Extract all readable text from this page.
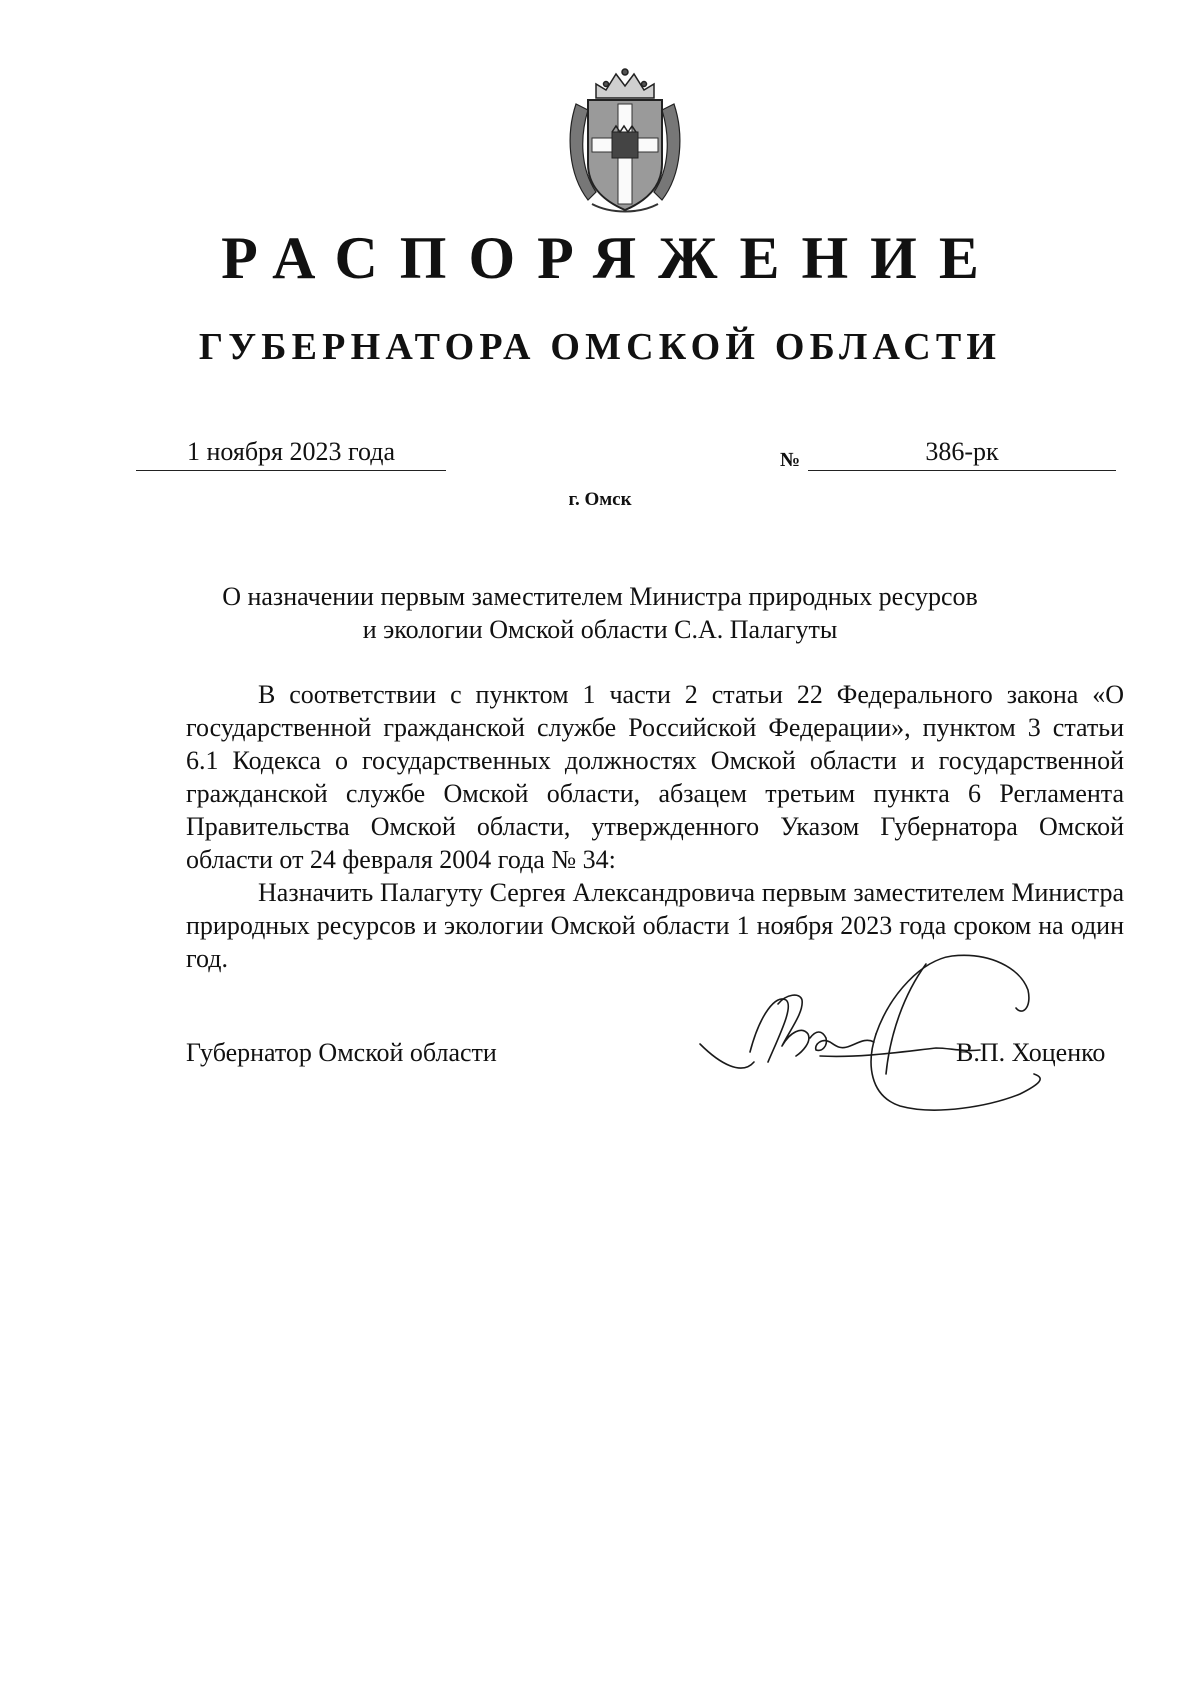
РАСПОРЯЖЕНИЕ
ГУБЕРНАТОРА ОМСКОЙ ОБЛАСТИ
1 ноября 2023 года	№	386-рк
г. Омск
О назначении первым заместителем Министра природных ресурсов
и экологии Омской области С.А. Палагуты

В соответствии с пунктом 1 части 2 статьи 22 Федерального закона «О государственной гражданской службе Российской Федерации», пунктом 3 статьи 6.1 Кодекса о государственных должностях Омской области и государственной гражданской службе Омской области, абзацем третьим пункта 6 Регламента Правительства Омской области, утвержденного Указом Губернатора Омской области от 24 февраля 2004 года № 34:

Назначить Палагуту Сергея Александровича первым заместителем Министра природных ресурсов и экологии Омской области 1 ноября 2023 года сроком на один год.

Губернатор Омской области	В.П. Хоценко
